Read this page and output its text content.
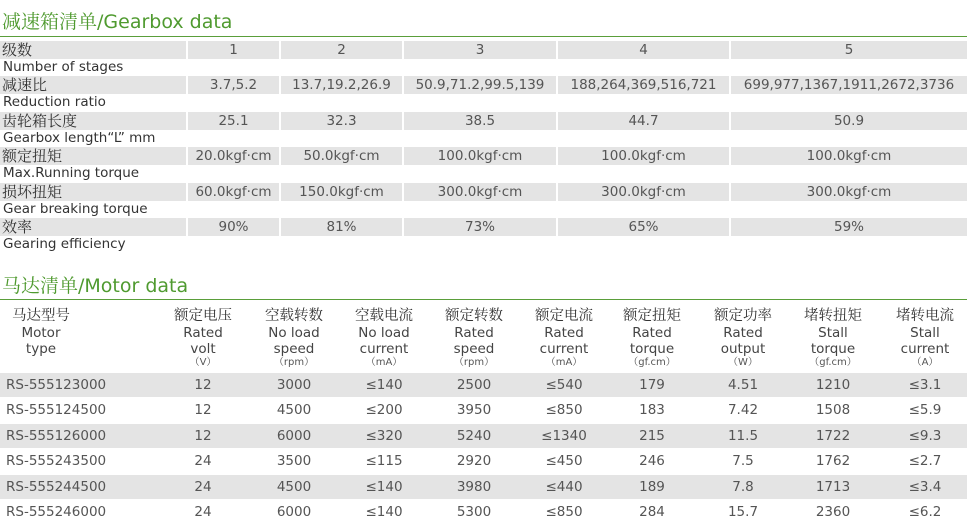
减速箱清单/Gearbox data
级数
Number of stages
1	2	3	4	5
减速比
Reduction ratio
3.7,5.2	13.7,19.2,26.9	50.9,71.2,99.5,139	188,264,369,516,721	699,977,1367,1911,2672,3736
齿轮箱长度
Gearbox length“L” mm
25.1	32.3	38.5	44.7	50.9
额定扭矩
Max.Running torque
20.0kgf·cm	50.0kgf·cm	100.0kgf·cm	100.0kgf·cm	100.0kgf·cm
损坏扭矩
Gear breaking torque
60.0kgf·cm	150.0kgf·cm	300.0kgf·cm	300.0kgf·cm	300.0kgf·cm
效率
Gearing efficiency
90%	81%	73%	65%	59%
马达清单/Motor data
马达型号
Motor
type
额定电压
Rated
volt
（V）
空载转数
No load
speed
（rpm）
空载电流
No load
current
（mA）
额定转数
Rated
speed
（rpm）
额定电流
Rated
current
（mA）
额定扭矩
Rated
torque
（gf.cm）
额定功率
Rated
output
（W）
堵转扭矩
Stall
torque
（gf.cm）
堵转电流
Stall
current
（A）
RS-555123000	12	3000	≤140	2500	≤540	179	4.51	1210	≤3.1
RS-555124500	12	4500	≤200	3950	≤850	183	7.42	1508	≤5.9
RS-555126000	12	6000	≤320	5240	≤1340	215	11.5	1722	≤9.3
RS-555243500	24	3500	≤115	2920	≤450	246	7.5	1762	≤2.7
RS-555244500	24	4500	≤140	3980	≤440	189	7.8	1713	≤3.4
RS-555246000	24	6000	≤140	5300	≤850	284	15.7	2360	≤6.2
